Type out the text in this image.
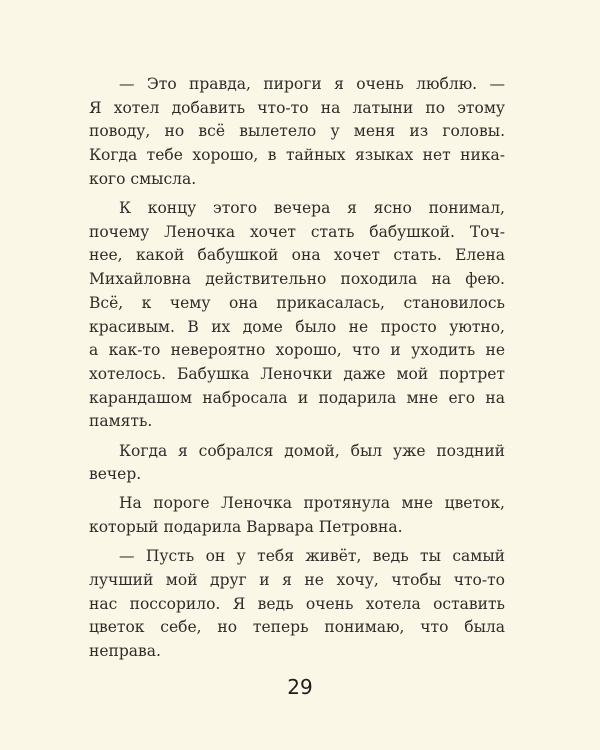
— Это правда, пироги я очень люблю. —
Я хотел добавить что-то на латыни по этому
поводу, но всё вылетело у меня из головы.
Когда тебе хорошо, в тайных языках нет ника-
кого смысла.

К концу этого вечера я ясно понимал,
почему Леночка хочет стать бабушкой. Точ-
нее, какой бабушкой она хочет стать. Елена
Михайловна действительно походила на фею.
Всё, к чему она прикасалась, становилось
красивым. В их доме было не просто уютно,
а как-то невероятно хорошо, что и уходить не
хотелось. Бабушка Леночки даже мой портрет
карандашом набросала и подарила мне его на
память.

Когда я собрался домой, был уже поздний
вечер.

На пороге Леночка протянула мне цветок,
который подарила Варвара Петровна.

— Пусть он у тебя живёт, ведь ты самый
лучший мой друг и я не хочу, чтобы что-то
нас поссорило. Я ведь очень хотела оставить
цветок себе, но теперь понимаю, что была
неправа.

29
